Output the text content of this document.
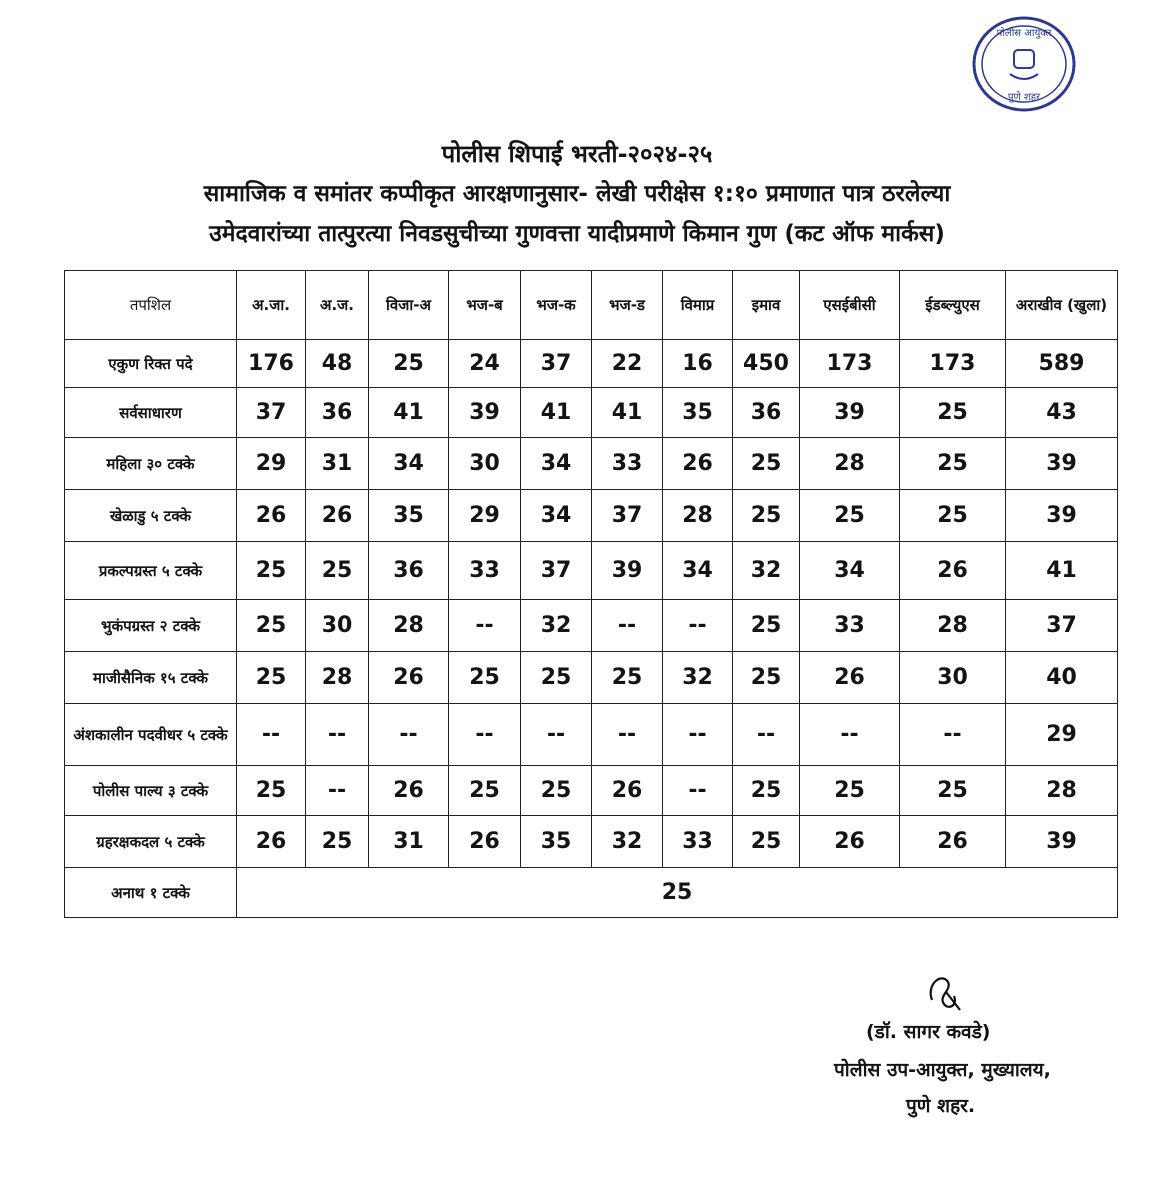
पोलीस आयुक्त
पुणे शहर
पोलीस शिपाई भरती-२०२४-२५
सामाजिक व समांतर कप्पीकृत आरक्षणानुसार- लेखी परीक्षेस १:१० प्रमाणात पात्र ठरलेल्या
उमेदवारांच्या तात्पुरत्या निवडसुचीच्या गुणवत्ता यादीप्रमाणे किमान गुण (कट ऑफ मार्कस)
तपशिल	अ.जा.	अ.ज.	विजा-अ	भज-ब	भज-क	भज-ड	विमाप्र	इमाव	एसईबीसी	ईडब्ल्युएस	अराखीव (खुला)
एकुण रिक्त पदे	176	48	25	24	37	22	16	450	173	173	589
सर्वसाधारण	37	36	41	39	41	41	35	36	39	25	43
महिला ३० टक्के	29	31	34	30	34	33	26	25	28	25	39
खेळाडु ५ टक्के	26	26	35	29	34	37	28	25	25	25	39
प्रकल्पग्रस्त ५ टक्के	25	25	36	33	37	39	34	32	34	26	41
भुकंपग्रस्त २ टक्के	25	30	28	--	32	--	--	25	33	28	37
माजीसैनिक १५ टक्के	25	28	26	25	25	25	32	25	26	30	40
अंशकालीन पदवीधर ५ टक्के	--	--	--	--	--	--	--	--	--	--	29
पोलीस पाल्य ३ टक्के	25	--	26	25	25	26	--	25	25	25	28
ग्रहरक्षकदल ५ टक्के	26	25	31	26	35	32	33	25	26	26	39
अनाथ १ टक्के	25										
(डॉ. सागर कवडे)
पोलीस उप-आयुक्त, मुख्यालय,
पुणे शहर.
